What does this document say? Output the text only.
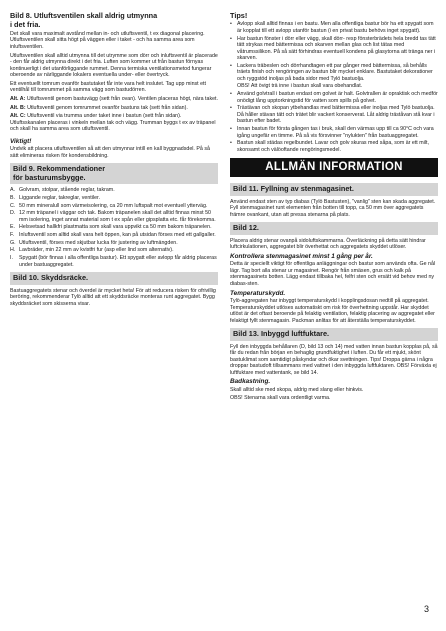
Bild 8. Utluftsventilen skall aldrig utmynna
i det fria.

Det skall vara maximalt avstånd mellan in- och utluftsventil, t ex diagonal placering. Utluftsventilen skall sitta högt på väggen eller i taket - och ha samma area som inluftsventilen.

Utluftsventilen skall alltid utmynna till det utrymme som dörr och inluftsventil är placerade - den får aldrig utmynna direkt i det fria. Luften som kommer ut från bastun förnyas kontinuerligt i det utanförliggande rummet. Denna termiska ventilationsmetod fungerar oberoende av närliggande lokalers eventuella under- eller övertryck.

Ett eventuellt tomrum ovanför bastutaket får inte vara helt inslutet. Tag upp minst ett ventilhål till tomrummet på samma vägg som bastudörren.

Alt. A: Utluftsventil genom bastuvägg (sett från ovan). Ventilen placeras högt, nära taket.

Alt. B: Utluftsventil genom tomrummet ovanför bastuns tak (sett från sidan).

Alt. C: Utluftsventil via trumma under taket inne i bastun (sett från sidan). Utluftsskanalen placeras i vinkeln mellan tak och vägg. Trumman byggs t ex av träpanel och skall ha samma area som utluftsventil.

Viktigt!

Undvik att placera utluftsventilen så att den utmynnar intill en kall byggnadsdel. På så sätt elimineras risken för kondensbildning.

Bild 9. Rekommendationer
för basturumsbygge.
A. Golvram, stolpar, stående reglar, takram.
B. Liggande reglar, takreglar, ventiler.
C. 50 mm mineralull som värmeisolering, ca 20 mm luftspalt mot eventuell ytterväg.
D. 12 mm träpanel i väggar och tak. Bakom träpanelen skall det alltid finnas minst 50 mm isolering, inget annat material som t ex spån eller gipsplatta etc. får förekomma.
E. Helsvetsad hallkfri plastmatta som skall vara uppvikt ca 50 mm bakom träpanelen.
F. Inluftsventil som alltid skall vara helt öppen, kan på utsidan förses med ett gallgaller.
G. Utluftsventil, förses med skjutbar lucka för justering av luftmängden.
H. Lavbräder, min 22 mm av kvistfri fur (asp eller lind som alternativ).
I.	Spygatt (bör finnas i alla offentliga bastur). Ett spygatt eller avlopp får aldrig placeras under bastuaggregatet.
Bild 10. Skyddsräcke.

Bastuaggregatets stenar och överdel är mycket heta! För att reducera risken för ofrivillig beröring, rekommenderar Tylö alltid att ett skyddsräcke monteras runt aggregatet. Bygg skyddsräcket som skisserna visar.

Tips!
• Avlopp skall alltid finnas i en bastu. Men alla offentliga bastur bör ha ett spygatt som är kopplat till ett avlopp utanför bastun (i en privat bastu behövs inget spygatt).
• Har bastun fönster i dörr eller vägg, skall dörr- resp fönsterbrädets hela bredd tas tätt tätt strykas med bättermissa och skarven mellan glas och list tätas med våtrumssilikon. På så sätt förhindras eventuell kondens på glasytorna att tränga ner i skarven.
• Lackera träbeslen och dörrhandtagen ett par gånger med bättermissa, så behålls träets finish och rengöringen av bastun blir mycket enklare. Bastutaket dekorationer och ryggstöd inoljas på bada sidor med Tylö bastuolja.
OBS! Att övigt trä inne i bastun skall vara obehandlat.
• Använd golvtrall i bastun endast om golvet är halt. Golvtrallen är opraktisk och medför onödigt lång upptorkningstid för vatten som spills på golvet.
• Trästävan och skopan ytbehandlas med bättermissa eller inoljas med Tylö bastuolja. Då håller stävan tätt och trätet blir vackert konserverat. Låt aldrig träståvan stå kvar i bastun efter badet.
• Innan bastun för första gången tas i bruk, skall den värmas upp till ca 90°C och vara igång ungefär en timme. På så vis försvinner "nylukten" från bastuaggregatet.
• Bastun skall städas regelbundet. Lavar och golv skuras med såpa, som är ett milt, skonsamt och välöoftande rengöringsmedel.
ALLMÄN INFORMATION
Bild 11. Fyllning av stenmagasinet.

Använd endast sten av typ diabas (Tylö Bastusten), "vanlig" sten kan skada aggregatet. Fyll stenmagasinet runt elementen från botten till topp, ca 50 mm över aggregatets främre ovankant, utan att pressa stenarna på plats.

Bild 12.

Placera aldrig stenar ovanpå sidoluftskammarna. Överläckning på detta sätt hindrar luftcirkulationen, aggregatet blir överhettat och aggregatets skyddet utlöser.

Kontrollera stenmagasinet minst 1 gång per år.

Detta är speciellt viktigt för offentliga anläggningar och bastur som används ofta. Ge nål lägr. Tag bort alla stenar ur magasinet. Rengör från smäsen, grus och kalk på stenmagasinets botten. Lägg endast tillbaka hel, felfri sten och ersätt vid behov med ny diabas-sten.

Temperaturskydd.

Tylö-aggregaten har inbyggt temperaturskydd i kopplingsdosan nedtill på aggregatet. Temperaturskyddet utlöses automatiskt om risk för överhettning uppstår. Har skyddet utlöst är det oftast beroende på felaktig ventilation, felaktig placering av aggregatet eller felaktigt fyllt stenmagasin. Packman anlitas för att återställa temperaturskyddet.

Bild 13. Inbyggd luftfuktare.

Fyll den inbyggda behållaren (D, bild 13 och 14) med vatten innan bastun kopplas på, så får du redan från början en behaglig grundfuktighet i luften. Du får ett mjukt, skönt bastuklimat som samtidigt påskyndar och ökar svettningen. Tips! Droppa gärna i några droppar bastudoft tillsammans med vattnet i den inbyggda luftfuktaren. OBS! Förväxla ej luftfuktare med vattentank, se bild 14.

Badkastning.

Skall alltid ske med skopa, aldrig med slang eller hinkvis.

OBS! Stenarna skall vara ordentligt varma.

3
